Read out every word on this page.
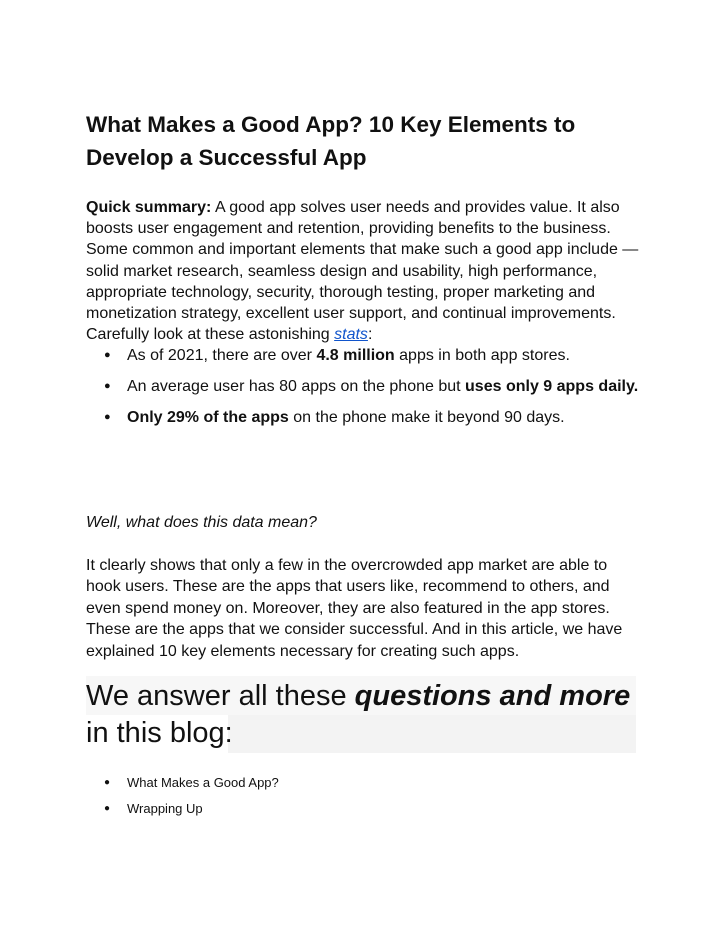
What Makes a Good App? 10 Key Elements to Develop a Successful App

Quick summary: A good app solves user needs and provides value. It also boosts user engagement and retention, providing benefits to the business. Some common and important elements that make such a good app include — solid market research, seamless design and usability, high performance, appropriate technology, security, thorough testing, proper marketing and monetization strategy, excellent user support, and continual improvements. Carefully look at these astonishing stats:

● As of 2021, there are over 4.8 million apps in both app stores.
● An average user has 80 apps on the phone but uses only 9 apps daily.
● Only 29% of the apps on the phone make it beyond 90 days.

Well, what does this data mean?

It clearly shows that only a few in the overcrowded app market are able to hook users. These are the apps that users like, recommend to others, and even spend money on. Moreover, they are also featured in the app stores. These are the apps that we consider successful. And in this article, we have explained 10 key elements necessary for creating such apps.

We answer all these questions and more in this blog:

● What Makes a Good App?
● Wrapping Up
